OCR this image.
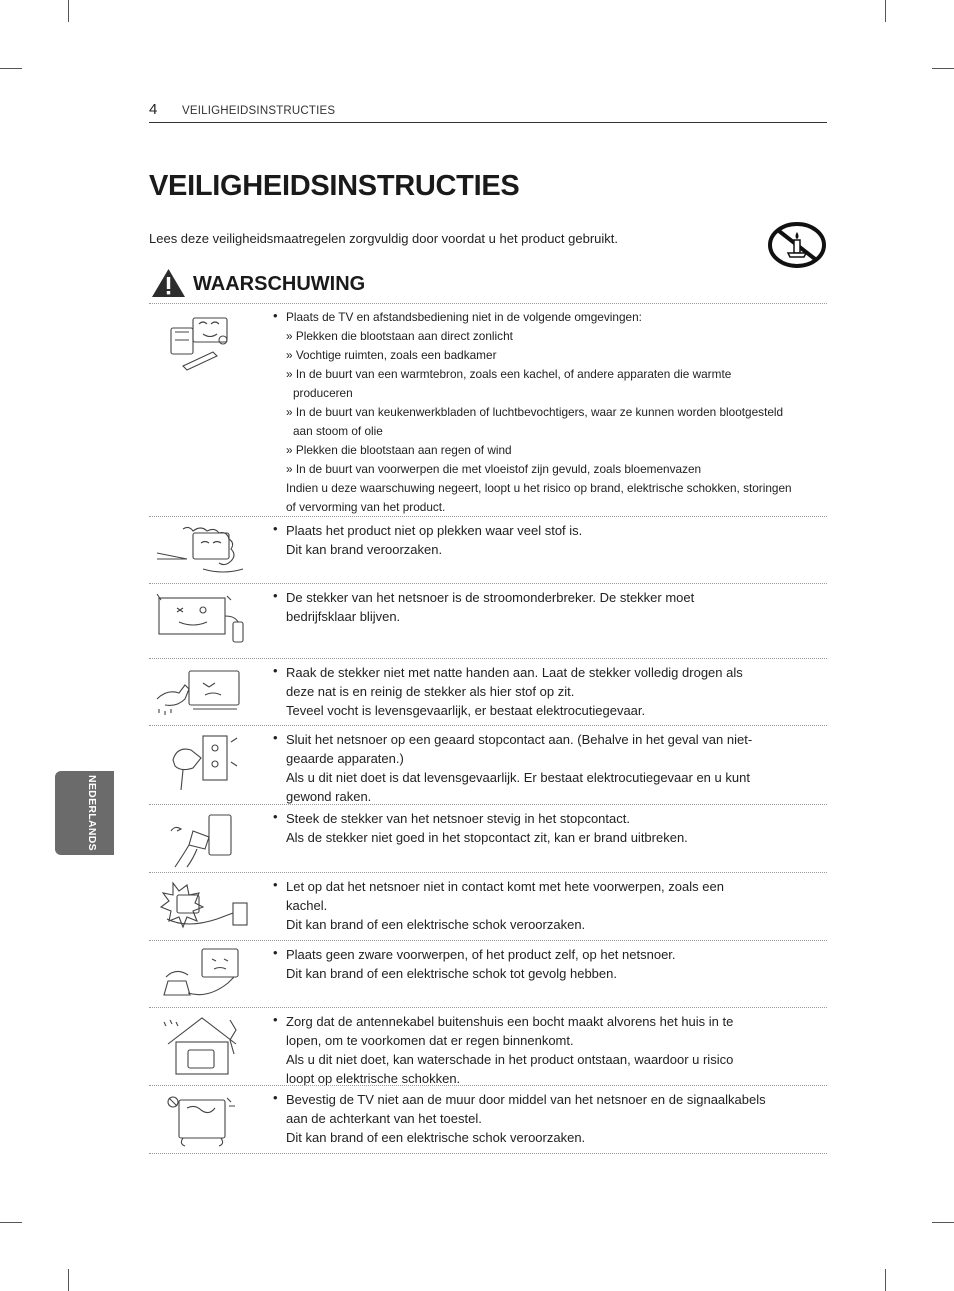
4 VEILIGHEIDSINSTRUCTIES
VEILIGHEIDSINSTRUCTIES

Lees deze veiligheidsmaatregelen zorgvuldig door voordat u het product gebruikt.

WAARSCHUWING
NEDERLANDS
• Plaats de TV en afstandsbediening niet in de volgende omgevingen:

» Plekken die blootstaan aan direct zonlicht

» Vochtige ruimten, zoals een badkamer

» In de buurt van een warmtebron, zoals een kachel, of andere apparaten die warmte

produceren

» In de buurt van keukenwerkbladen of luchtbevochtigers, waar ze kunnen worden blootgesteld

aan stoom of olie

» Plekken die blootstaan aan regen of wind

» In de buurt van voorwerpen die met vloeistof zijn gevuld, zoals bloemenvazen

Indien u deze waarschuwing negeert, loopt u het risico op brand, elektrische schokken, storingen

of vervorming van het product.

• Plaats het product niet op plekken waar veel stof is.

Dit kan brand veroorzaken.

• De stekker van het netsnoer is de stroomonderbreker. De stekker moet

bedrijfsklaar blijven.

• Raak de stekker niet met natte handen aan. Laat de stekker volledig drogen als

deze nat is en reinig de stekker als hier stof op zit.

Teveel vocht is levensgevaarlijk, er bestaat elektrocutiegevaar.

• Sluit het netsnoer op een geaard stopcontact aan. (Behalve in het geval van niet-

geaarde apparaten.)

Als u dit niet doet is dat levensgevaarlijk. Er bestaat elektrocutiegevaar en u kunt

gewond raken.

• Steek de stekker van het netsnoer stevig in het stopcontact.

Als de stekker niet goed in het stopcontact zit, kan er brand uitbreken.

• Let op dat het netsnoer niet in contact komt met hete voorwerpen, zoals een

kachel.

Dit kan brand of een elektrische schok veroorzaken.

• Plaats geen zware voorwerpen, of het product zelf, op het netsnoer.

Dit kan brand of een elektrische schok tot gevolg hebben.

• Zorg dat de antennekabel buitenshuis een bocht maakt alvorens het huis in te

lopen, om te voorkomen dat er regen binnenkomt.

Als u dit niet doet, kan waterschade in het product ontstaan, waardoor u risico

loopt op elektrische schokken.

• Bevestig de TV niet aan de muur door middel van het netsnoer en de signaalkabels

aan de achterkant van het toestel.

Dit kan brand of een elektrische schok veroorzaken.
